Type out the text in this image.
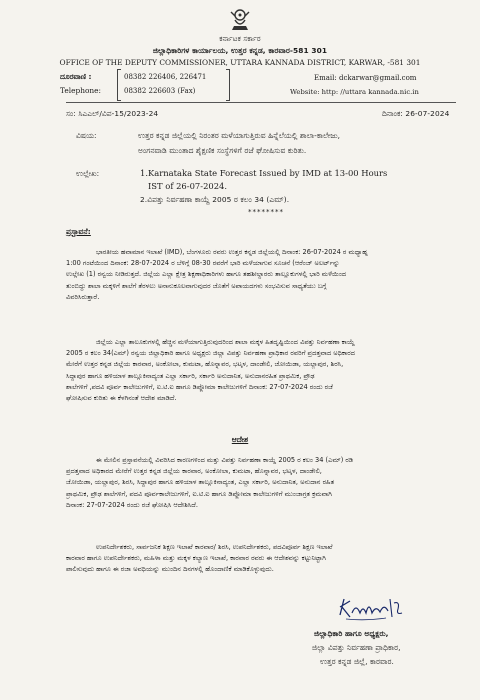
ಕರ್ನಾಟಕ ಸರ್ಕಾರ
ಜಿಲ್ಲಾಧಿಕಾರಿಗಳ ಕಾರ್ಯಾಲಯ, ಉತ್ತರ ಕನ್ನಡ, ಕಾರವಾರ-581 301
OFFICE OF THE DEPUTY COMMISSIONER, UTTARA KANNADA DISTRICT, KARWAR, -581 301
ದೂರವಾಣಿ :
Telephone:
08382 226406, 226471
08382 226603 (Fax)
Email: dckarwar@gmail.com
Website: http: //uttara kannada.nic.in
ಸಂ: ಸಿಎಎಲ್/ವಿಪ-15/2023-24	ದಿನಾಂಕ: 26-07-2024
ವಿಷಯ:	ಉತ್ತರ ಕನ್ನಡ ಜಿಲ್ಲೆಯಲ್ಲಿ ನಿರಂತರ ಮಳೆಯಾಗುತ್ತಿರುವ ಹಿನ್ನೆಲೆಯಲ್ಲಿ ಶಾಲಾ-ಕಾಲೇಜು,
ಅಂಗನವಾಡಿ ಮುಂತಾದ ಶೈಕ್ಷಣಿಕ ಸಂಸ್ಥೆಗಳಿಗೆ ರಜೆ ಘೋಷಿಸುವ ಕುರಿತು.
ಉಲ್ಲೇಖ:	1.Karnataka State Forecast Issued by IMD at 13-00 Hours
IST of 26-07-2024.
2.ವಿಪತ್ತು ನಿರ್ವಹಣಾ ಕಾಯ್ದೆ 2005 ರ ಕಲಂ 34 (ಎಮ್).
********
ಪ್ರಸ್ತಾವನೆ:
ಭಾರತೀಯ ಹವಾಮಾನ ಇಲಾಖೆ (IMD), ಬೆಂಗಳೂರು ರವರು ಉತ್ತರ ಕನ್ನಡ ಜಿಲ್ಲೆಯಲ್ಲಿ ದಿನಾಂಕ: 26-07-2024 ರ ಮಧ್ಯಾಹ್ನ
1:00 ಗಂಟೆಯಿಂದ ದಿನಾಂಕ: 28-07-2024 ರ ಬೆಳಿಗ್ಗೆ 08-30 ರವರೆಗೆ ಭಾರಿ ಮಳೆಯಾಗುವ ಸೂಚನೆ (ಆರೆಂಜ್ ಅಲರ್ಟ್‌ನ್ನು
ಉಲ್ಲೇಖ (1) ರನ್ವಯ ನೀಡಿರುತ್ತದೆ. ಜಿಲ್ಲೆಯ ಎಲ್ಲಾ ಕ್ಷೇತ್ರ ಶಿಕ್ಷಣಾಧಿಕಾರಿಗಳು ಹಾಗೂ ತಹಶೀಲ್ದಾರರು ತಾಲ್ಲೂಕುಗಳಲ್ಲಿ ಭಾರಿ ಮಳೆಯಿಂದ
ತುಂಬಿದ್ದು ಶಾಲಾ ಮಕ್ಕಳಿಗೆ ಶಾಲೆಗೆ ತೆರಳಲು ಅನಾನುಕೂಲವಾಗುವುದರ ಜೊತೆಗೆ ಅಪಾಯದಗಳು ಸಂಭವಿಸುವ ಸಾಧ್ಯತೆಯು ಬಗ್ಗೆ
ವಿವರಿಸಿರುತ್ತಾರೆ.
ಜಿಲ್ಲೆಯ ಎಲ್ಲಾ ತಾಲೂಕುಗಳಲ್ಲಿ ಹೆಚ್ಚಿನ ಮಳೆಯಾಗುತ್ತಿರುವುದರಿಂದ ಶಾಲಾ ಮಕ್ಕಳ ಹಿತದೃಷ್ಟಿಯಿಂದ ವಿಪತ್ತು ನಿರ್ವಹಣಾ ಕಾಯ್ದೆ
2005 ರ ಕಲಂ 34(ಎಮ್) ರನ್ವಯ ಜಿಲ್ಲಾಧಿಕಾರಿ ಹಾಗೂ ಅಧ್ಯಕ್ಷರು ಜಿಲ್ಲಾ ವಿಪತ್ತು ನಿರ್ವಹಣಾ ಪ್ರಾಧಿಕಾರ ರವರಿಗೆ ಪ್ರದತ್ತವಾದ ಅಧಿಕಾರದ
ಮೇರೆಗೆ ಉತ್ತರ ಕನ್ನಡ ಜಿಲ್ಲೆಯ ಕಾರವಾರ, ಅಂಕೋಲಾ, ಕುಮಟಾ, ಹೊನ್ನಾವರ, ಭಟ್ಕಳ, ದಾಂಡೇಲಿ, ಜೋಯಿಡಾ, ಯಲ್ಲಾಪುರ, ಶಿರಸಿ,
ಸಿದ್ದಾಪುರ ಹಾಗೂ ಹಳಿಯಾಳ ತಾಲ್ಲೂಕಿನಾದ್ಯಂತ ಎಲ್ಲಾ ಸರ್ಕಾರಿ, ಸರ್ಕಾರಿ ಅನುದಾನಿತ, ಅನುದಾನರಹಿತ ಪ್ರಾಥಮಿಕ, ಪ್ರೌಢ
ಶಾಲೆಗಳಿಗೆ ,ಪದವಿ ಪೂರ್ವ ಕಾಲೇಜುಗಳಿಗೆ, ಐ.ಟಿ.ಐ ಹಾಗೂ ಡಿಪ್ಲೋಮಾ ಕಾಲೇಜುಗಳಿಗೆ ದಿನಾಂಕ: 27-07-2024 ರಂದು ರಜೆ
ಘೋಷಿಸುವ ಕುರಿತು ಈ ಕೆಳಗಿನಂತೆ ಆದೇಶ ಮಾಡಿದೆ.
ಆದೇಶ
ಈ ಮೇಲಿನ ಪ್ರಸ್ತಾವನೆಯಲ್ಲಿ ವಿವರಿಸಿದ ಕಾರಣಗಳಿಂದ ಮತ್ತು ವಿಪತ್ತು ನಿರ್ವಹಣಾ ಕಾಯ್ದೆ 2005 ರ ಕಲಂ 34 (ಎಮ್) ರಡಿ
ಪ್ರದತ್ತವಾದ ಅಧಿಕಾರದ ಮೇರೆಗೆ ಉತ್ತರ ಕನ್ನಡ ಜಿಲ್ಲೆಯ ಕಾರವಾರ, ಅಂಕೋಲಾ, ಕುಮಟಾ, ಹೊನ್ನಾವರ, ಭಟ್ಕಳ, ದಾಂಡೇಲಿ,
ಜೋಯಿಡಾ, ಯಲ್ಲಾಪುರ, ಶಿರಸಿ, ಸಿದ್ದಾಪುರ ಹಾಗೂ ಹಳಿಯಾಳ ತಾಲ್ಲೂಕಿನಾದ್ಯಂತ, ಎಲ್ಲಾ ಸರ್ಕಾರಿ, ಅನುದಾನಿತ, ಅನುದಾನ ರಹಿತ
ಪ್ರಾಥಮಿಕ, ಪ್ರೌಢ ಶಾಲೆಗಳಿಗೆ, ಪದವಿ ಪೂರ್ವಕಾಲೇಜುಗಳಿಗೆ, ಐ.ಟಿ.ಐ ಹಾಗೂ ಡಿಪ್ಲೋಮಾ ಕಾಲೇಜುಗಳಿಗೆ ಮುಂಜಾಗ್ರತ ಕ್ರಮವಾಗಿ
ದಿನಾಂಕ: 27-07-2024 ರಂದು ರಜೆ ಘೋಷಿಸಿ ಆದೇಶಿಸಿದೆ.
ಉಪನಿರ್ದೇಶಕರು, ಸಾರ್ವಜನಿಕ ಶಿಕ್ಷಣ ಇಲಾಖೆ ಕಾರವಾರ/ ಶಿರಸಿ, ಉಪನಿರ್ದೇಶಕರು, ಪದವಿಪೂರ್ವ ಶಿಕ್ಷಣ ಇಲಾಖೆ
ಕಾರವಾರ ಹಾಗೂ ಉಪನಿರ್ದೇಶಕರು, ಮಹಿಳಾ ಮತ್ತು ಮಕ್ಕಳ ಕಲ್ಯಾಣ ಇಲಾಖೆ, ಕಾರವಾರ ರವರು ಈ ಆದೇಶವನ್ನು ಕಟ್ಟುನಿಟ್ಟಾಗಿ
ಪಾಲಿಸುವುದು ಹಾಗೂ ಈ ರಜಾ ಅವಧಿಯನ್ನು ಮುಂದಿನ ದಿನಗಳಲ್ಲಿ ಹೊಂದಾಣಿಕೆ ಮಾಡಿಕೊಳ್ಳುವುದು.
ಜಿಲ್ಲಾಧಿಕಾರಿ ಹಾಗೂ ಅಧ್ಯಕ್ಷರು,
ಜಿಲ್ಲಾ ವಿಪತ್ತು ನಿರ್ವಹಣಾ ಪ್ರಾಧಿಕಾರ,
ಉತ್ತರ ಕನ್ನಡ ಜಿಲ್ಲೆ, ಕಾರವಾರ.
